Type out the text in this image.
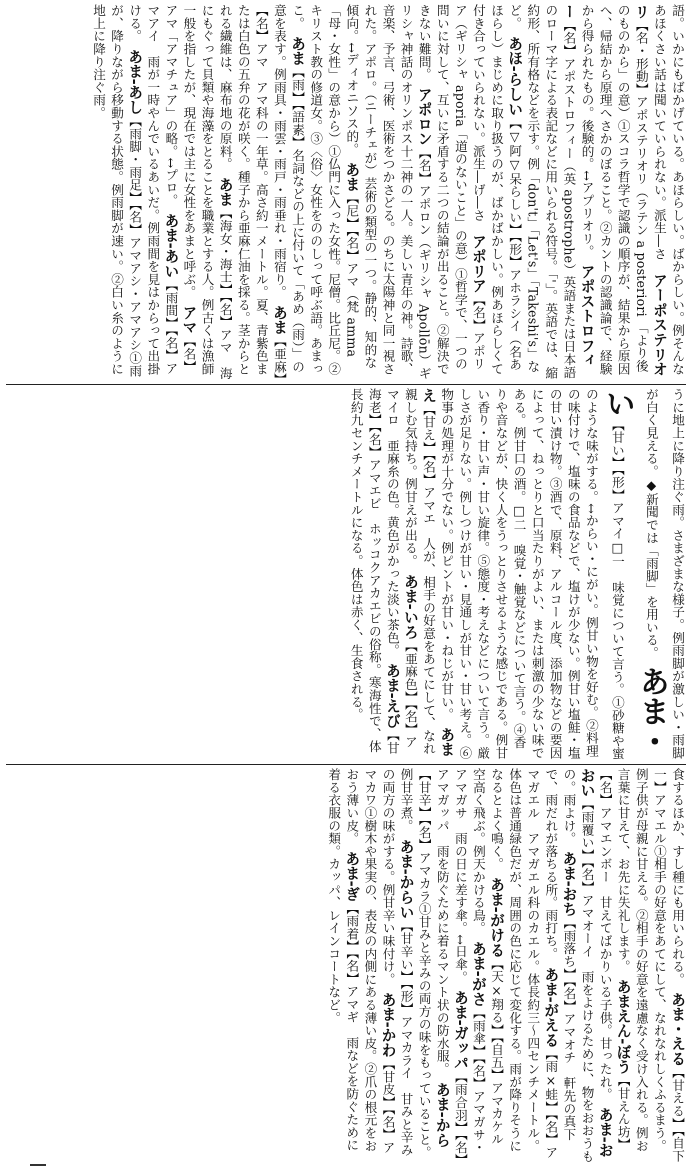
語。いかにもばかげている。あほらしい。ばからしい。例そんな あほくさい話は聞いていられない。派生―さ　アーポステリオリ【名・形動】アポステリオリ（ラテン a posteriori 「より後のものから」の意）①スコラ哲学で認識の順序が、結果から原因へ、帰結から原理へさかのぼること。②カントの認識論で、経験から得られたもの。後験的。↔アプリオリ。　アポストロフィー【名】アポストロフィー（英 apostrophe）英語または日本語のローマ字による表記などに用いられる符号。「'」。英語では、縮約形、所有格などを示す。例「don't」「Let's」「Takeshi's」など。　あほ-らしい【▽阿▽呆らしい】【形】アホラシイ（名あほらし）まじめに取り扱うのが、ばかばかしい。例あほらしくて付き合っていられない。派生―げ―さ　アポリア【名】アポリア（ギリシャ aporia「道のないこと」の意）①哲学で、一つの問いに対して、互いに矛盾する二つの結論が出ること。②解決できない難問。　アポロン【名】アポロン（ギリシャ Apollōn）ギリシャ神話のオリンポス十二神の一人。美しい青年の神。詩歌、音楽、予言、弓術、医術をつかさどる。のちに太陽神と同一視された。アポロ。（ニーチェが）芸術の類型の一つ。静的、知的な傾向。↔ディオニソス的。　あま【尼】【名】アマ（梵 amma「母・女性」の意から）①仏門に入った女性。尼僧。比丘尼。②キリスト教の修道女。③〈俗〉女性をののしって呼ぶ語。あまっこ。　あま【雨】【語素】名詞などの上に付いて「あめ（雨）」の意を表す。例雨具・雨雲・雨戸・雨垂れ・雨宿り。　あま【亜麻】【名】アマ　アマ科の一年草。高さ約一メートル。夏、青紫色または白色の五弁の花が咲く。種子から亜麻仁油を採る。茎からとれる繊維は、麻布地の原料。　あま【海女・海士】【名】アマ　海にもぐって貝類や海藻をとることを職業とする人。例古くは漁師一般を指したが、現在では主に女性をあまと呼ぶ。　アマ【名】アマ「アマチュア」の略。↔プロ。　あま-あい【雨間】【名】アマアイ　雨が一時やんでいるあいだ。例雨間を見はからって出掛ける。　あま-あし【雨脚・雨足】【名】アマアシ・アマアシ①雨が、降りながら移動する状態。例雨脚が速い。②白い糸のように地上に降り注ぐ雨。　
うに地上に降り注ぐ雨。さまざまな様子。例雨脚が激しい・雨脚が白く見える。◆新聞では「雨脚」を用いる。　あま・い【甘い】【形】アマイ□一　味覚について言う。①砂糖や蜜のような味がする。↔からい・にがい。例甘い物を好む。②料理の味付けで、塩味の食品などで、塩けが少ない。例甘い塩鮭・塩の甘い漬け物。③酒で、原料、アルコール度、添加物などの要因によって、ねっとりと口当たりがよい、または刺激の少ない味である。例甘口の酒。□二　嗅覚・触覚などについて言う。④香りや音などが、快く人をうっとりさせるような感じである。例甘い香り・甘い声・甘い旋律。⑤態度・考えなどについて言う。厳しさが足りない。例しつけが甘い・見通しが甘い・甘い考え。⑥物事の処理が十分でない。例ピントが甘い・ねじが甘い。　あまえ【甘え】【名】アマエ　人が、相手の好意をあてにして、なれ親しむ気持ち。例甘えが出る。　あま-いろ【亜麻色】【名】アマイロ　亜麻糸の色。黄色がかった淡い茶色。　あま-えび【甘海老】【名】アマエビ　ホッコクアカエビの俗称。寒海性で、体長約九センチメートルになる。体色は赤く、生食される。　
食するほか、すし種にも用いられる。　あま・える【甘える】【自下一】アマエル①相手の好意をあてにして、なれなれしくふるまう。例子供が母親に甘える。②相手の好意を遠慮なく受け入れる。例お言葉に甘えて、お先に失礼します。　あまえん-ぼう【甘えん坊】【名】アマエンボー　甘えてばかりいる子供。甘ったれ。　あま-おおい【雨覆い】【名】アマオーイ　雨をよけるために、物をおおうもの。雨よけ。　あま-おち【雨落ち】【名】アマオチ　軒先の真下で、雨だれが落ちる所。雨打ち。　あま-がえる【雨×蛙】【名】アマガエル　アマガエル科のカエル。体長約三～四センチメートル。体色は普通緑色だが、周囲の色に応じて変化する。雨が降りそうになるとよく鳴く。　あま-がける【天×翔る】【自五】アマカケル　空高く飛ぶ。例天かける鳥。　あま-がさ【雨傘】【名】アマガサ・アマガサ　雨の日に差す傘。↔日傘。　あま-ガッパ【雨合羽】【名】アマガッパ　雨を防ぐために着るマント状の防水服。　あま-から【甘辛】【名】アマカラ①甘みと辛みの両方の味をもっていること。例甘辛煮。　あま-からい【甘辛い】【形】アマカライ　甘みと辛みの両方の味がする。例甘辛い味付け。　あま-かわ【甘皮】【名】アマカワ①樹木や果実の、表皮の内側にある薄い皮。②爪の根元をおおう薄い皮。　あま-ぎ【雨着】【名】アマギ　雨などを防ぐために着る衣服の類。カッパ、レインコートなど。　
